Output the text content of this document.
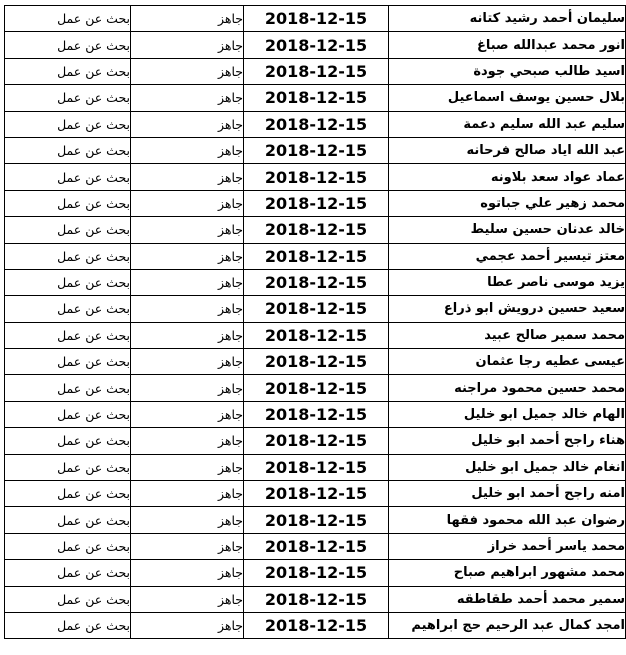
سليمان أحمد رشيد كتانه	2018-12-15	جاهز	بحث عن عمل
انور محمد عبدالله صباغ	2018-12-15	جاهز	بحث عن عمل
اسيد طالب صبحي جودة	2018-12-15	جاهز	بحث عن عمل
بلال حسين يوسف اسماعيل	2018-12-15	جاهز	بحث عن عمل
سليم عبد الله سليم دعمة	2018-12-15	جاهز	بحث عن عمل
عبد الله اياد صالح فرحانه	2018-12-15	جاهز	بحث عن عمل
عماد عواد سعد بلاونه	2018-12-15	جاهز	بحث عن عمل
محمد زهير علي جباتوه	2018-12-15	جاهز	بحث عن عمل
خالد عدنان حسين سليط	2018-12-15	جاهز	بحث عن عمل
معتز تيسير أحمد عجمي	2018-12-15	جاهز	بحث عن عمل
يزيد موسى ناصر عطا	2018-12-15	جاهز	بحث عن عمل
سعيد حسين درويش ابو ذراع	2018-12-15	جاهز	بحث عن عمل
محمد سمير صالح عبيد	2018-12-15	جاهز	بحث عن عمل
عيسى عطيه رجا عثمان	2018-12-15	جاهز	بحث عن عمل
محمد حسين محمود مراجنه	2018-12-15	جاهز	بحث عن عمل
الهام خالد جميل ابو خليل	2018-12-15	جاهز	بحث عن عمل
هناء راجح أحمد ابو خليل	2018-12-15	جاهز	بحث عن عمل
انغام خالد جميل ابو خليل	2018-12-15	جاهز	بحث عن عمل
امنه راجح أحمد ابو خليل	2018-12-15	جاهز	بحث عن عمل
رضوان عبد الله محمود فقها	2018-12-15	جاهز	بحث عن عمل
محمد ياسر أحمد خراز	2018-12-15	جاهز	بحث عن عمل
محمد مشهور ابراهيم صباح	2018-12-15	جاهز	بحث عن عمل
سمير محمد أحمد طقاطقه	2018-12-15	جاهز	بحث عن عمل
امجد كمال عبد الرحيم حج ابراهيم	2018-12-15	جاهز	بحث عن عمل
